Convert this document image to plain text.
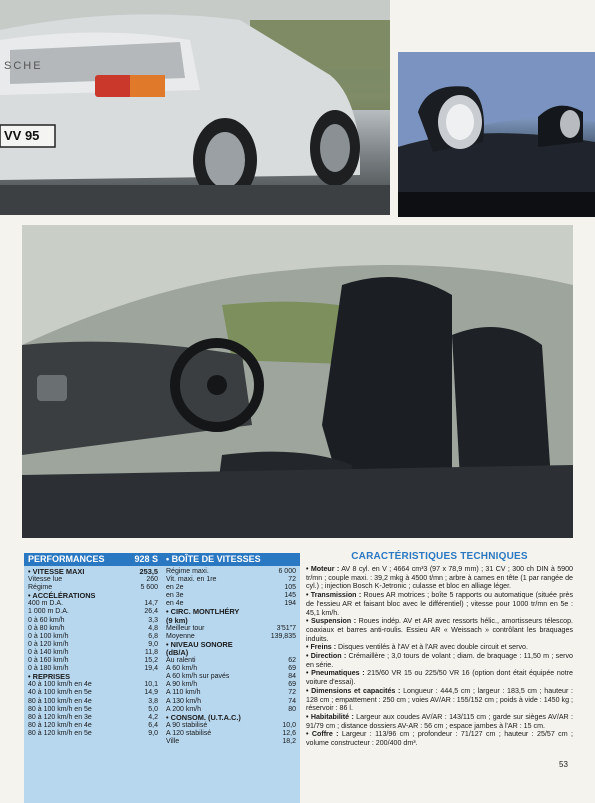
VV 95
SCHE
PERFORMANCES	928 S
• VITESSE MAXI	253,5
Vitesse lue	260
Régime	5 600
• ACCÉLÉRATIONS
400 m D.A.	14,7
1 000 m D.A.	26,4
0 à 60 km/h	3,3
0 à 80 km/h	4,8
0 à 100 km/h	6,8
0 à 120 km/h	9,0
0 à 140 km/h	11,8
0 à 160 km/h	15,2
0 à 180 km/h	19,4
• REPRISES
40 à 100 km/h en 4e	10,1
40 à 100 km/h en 5e	14,9
80 à 100 km/h en 4e	3,8
80 à 100 km/h en 5e	5,0
80 à 120 km/h en 3e	4,2
80 à 120 km/h en 4e	6,4
80 à 120 km/h en 5e	9,0
• BOÎTE DE VITESSES
Régime maxi.	6 000
Vit. maxi. en 1re	72
en 2e	105
en 3e	145
en 4e	194
• CIRC. MONTLHÉRY
(9 km)
Meilleur tour	3'51"7
Moyenne	139,835
• NIVEAU SONORE
(dB/A)
Au ralenti	62
A 60 km/h	69
A 60 km/h sur pavés	84
A 90 km/h	69
A 110 km/h	72
A 130 km/h	74
A 200 km/h	80
• CONSOM. (U.T.A.C.)
A 90 stabilisé	10,0
A 120 stabilisé	12,6
Ville	18,2
CARACTÉRISTIQUES TECHNIQUES

• Moteur : AV 8 cyl. en V ; 4664 cm³3 (97 x 78,9 mm) ; 31 CV ; 300 ch DIN à 5900 tr/mn ; couple maxi. : 39,2 mkg à 4500 t/mn ; arbre à cames en tête (1 par rangée de cyl.) ; injection Bosch K-Jetronic ; culasse et bloc en alliage léger.

• Transmission : Roues AR motrices ; boîte 5 rapports ou automatique (située près de l'essieu AR et faisant bloc avec le différentiel) ; vitesse pour 1000 tr/mn en 5e : 45,1 km/h.

• Suspension : Roues indép. AV et AR avec ressorts hélic., amortisseurs télescop. coaxiaux et barres anti-roulis. Essieu AR « Weissach » contrôlant les braquages induits.

• Freins : Disques ventilés à l'AV et à l'AR avec double circuit et servo.

• Direction : Crémaillère ; 3,0 tours de volant ; diam. de braquage : 11,50 m ; servo en série.

• Pneumatiques : 215/60 VR 15 ou 225/50 VR 16 (option dont était équipée notre voiture d'essai).

• Dimensions et capacités : Longueur : 444,5 cm ; largeur : 183,5 cm ; hauteur : 128 cm ; empattement : 250 cm ; voies AV/AR : 155/152 cm ; poids à vide : 1450 kg ; réservoir : 86 l.

• Habitabilité : Largeur aux coudes AV/AR : 143/115 cm ; garde sur sièges AV/AR : 91/79 cm ; distance dossiers AV-AR : 56 cm ; espace jambes à l'AR : 15 cm.

• Coffre : Largeur : 113/96 cm ; profondeur : 71/127 cm ; hauteur : 25/57 cm ; volume constructeur : 200/400 dm³.

53
